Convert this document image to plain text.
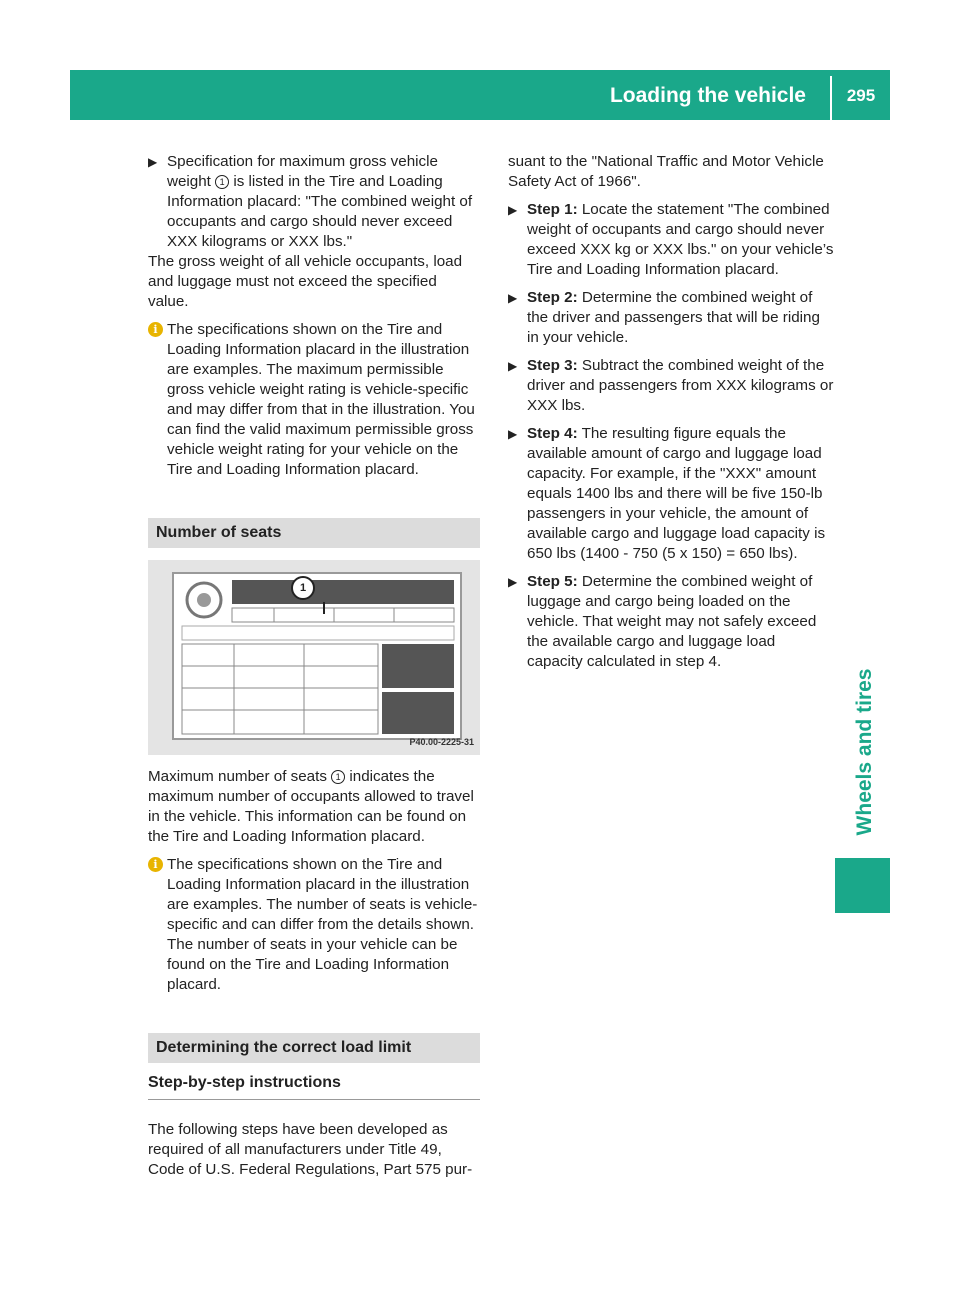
Loading the vehicle	295
Wheels and tires

▶ Specification for maximum gross vehicle weight 1 is listed in the Tire and Loading Information placard: "The combined weight of occupants and cargo should never exceed XXX kilograms or XXX lbs."

The gross weight of all vehicle occupants, load and luggage must not exceed the specified value.

i The specifications shown on the Tire and Loading Information placard in the illustration are examples. The maximum permissible gross vehicle weight rating is vehicle-specific and may differ from that in the illustration. You can find the valid maximum permissible gross vehicle weight rating for your vehicle on the Tire and Loading Information placard.

Number of seats
1
P40.00-2225-31

Maximum number of seats 1 indicates the maximum number of occupants allowed to travel in the vehicle. This information can be found on the Tire and Loading Information placard.

i The specifications shown on the Tire and Loading Information placard in the illustration are examples. The number of seats is vehicle-specific and can differ from the details shown. The number of seats in your vehicle can be found on the Tire and Loading Information placard.

Determining the correct load limit
Step-by-step instructions

The following steps have been developed as required of all manufacturers under Title 49, Code of U.S. Federal Regulations, Part 575 pur-

suant to the "National Traffic and Motor Vehicle Safety Act of 1966".

▶ Step 1: Locate the statement "The combined weight of occupants and cargo should never exceed XXX kg or XXX lbs." on your vehicle’s Tire and Loading Information placard.

▶ Step 2: Determine the combined weight of the driver and passengers that will be riding in your vehicle.

▶ Step 3: Subtract the combined weight of the driver and passengers from XXX kilograms or XXX lbs.

▶ Step 4: The resulting figure equals the available amount of cargo and luggage load capacity. For example, if the "XXX" amount equals 1400 lbs and there will be five 150-lb passengers in your vehicle, the amount of available cargo and luggage load capacity is 650 lbs (1400 - 750 (5 x 150) = 650 lbs).

▶ Step 5: Determine the combined weight of luggage and cargo being loaded on the vehicle. That weight may not safely exceed the available cargo and luggage load capacity calculated in step 4.
